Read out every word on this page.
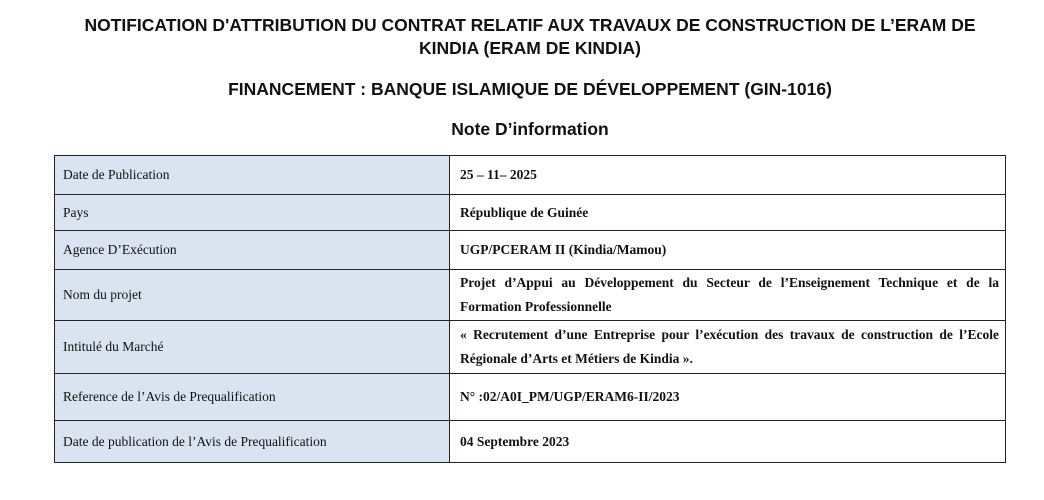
NOTIFICATION D'ATTRIBUTION DU CONTRAT RELATIF AUX TRAVAUX DE CONSTRUCTION DE L’ERAM DE KINDIA (ERAM DE KINDIA)
FINANCEMENT : BANQUE ISLAMIQUE DE DÉVELOPPEMENT (GIN-1016)
Note D’information
Date de Publication	25 – 11– 2025
Pays	République de Guinée
Agence D’Exécution	UGP/PCERAM II (Kindia/Mamou)
Nom du projet	Projet d’Appui au Développement du Secteur de l’Enseignement Technique et de la Formation Professionnelle
Intitulé du Marché	« Recrutement d’une Entreprise pour l’exécution des travaux de construction de l’Ecole Régionale d’Arts et Métiers de Kindia ».
Reference de l’Avis de Prequalification	N° :02/A0I_PM/UGP/ERAM6-II/2023
Date de publication de l’Avis de Prequalification	04 Septembre 2023
